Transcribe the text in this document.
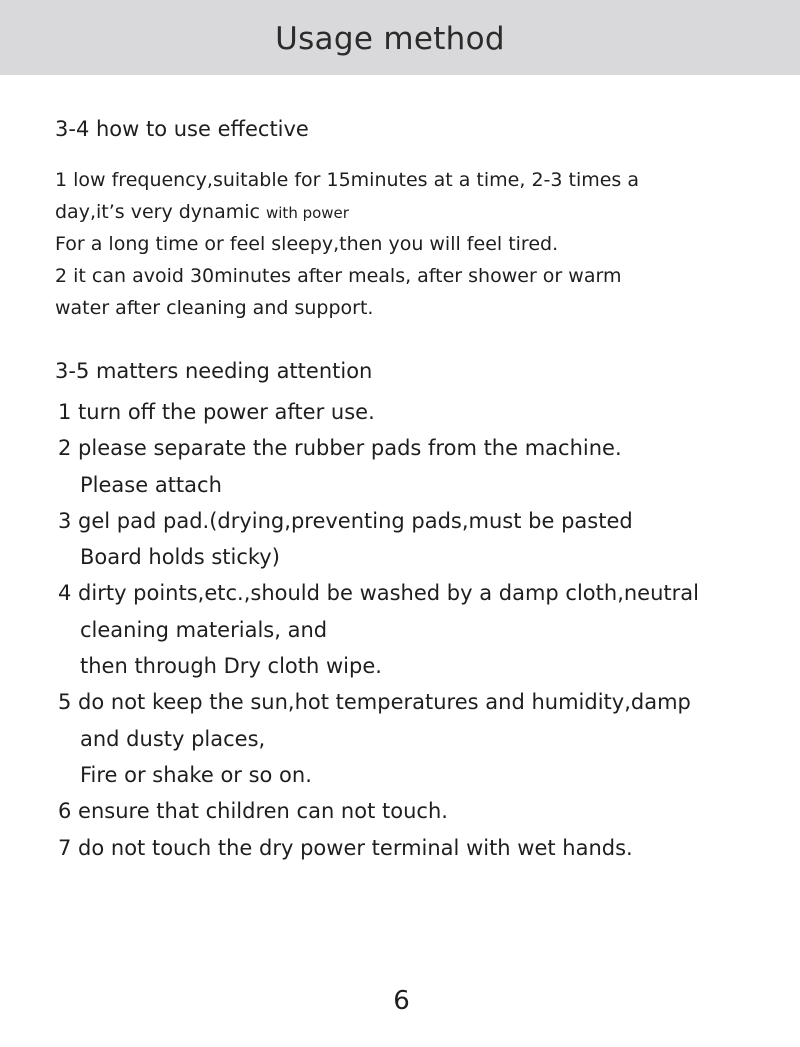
Usage method
3-4 how to use effective
1 low frequency,suitable for 15minutes at a time, 2-3 times a
day,it’s very dynamic with power
For a long time or feel sleepy,then you will feel tired.
2 it can avoid 30minutes after meals, after shower or warm
water after cleaning and support.
3-5 matters needing attention
1 turn off the power after use.
2 please separate the rubber pads from the machine.
Please attach
3 gel pad pad.(drying,preventing pads,must be pasted
Board holds sticky)
4 dirty points,etc.,should be washed by a damp cloth,neutral
cleaning materials, and
then through Dry cloth wipe.
5 do not keep the sun,hot temperatures and humidity,damp
and dusty places,
Fire or shake or so on.
6 ensure that children can not touch.
7 do not touch the dry power terminal with wet hands.
6
